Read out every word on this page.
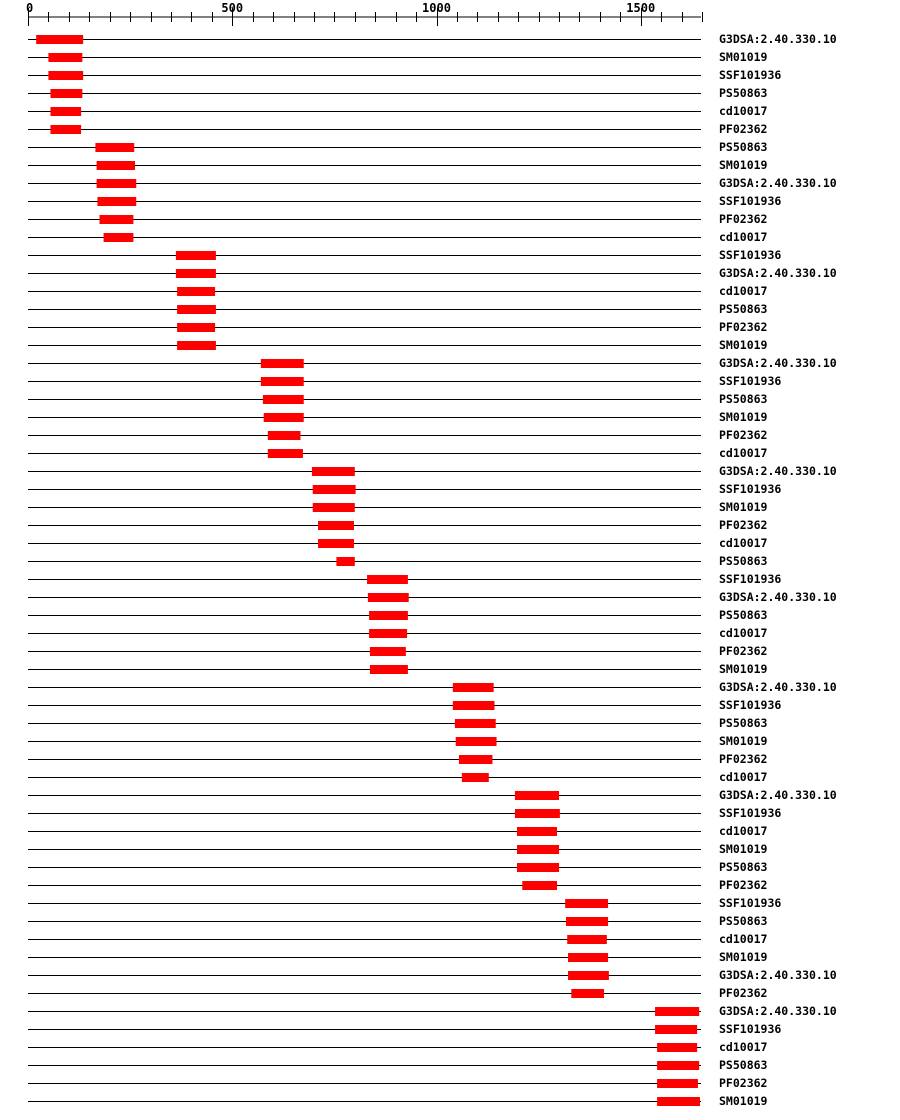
0	500	1000	1500
G3DSA:2.40.330.10
SM01019
SSF101936
PS50863
cd10017
PF02362
PS50863
SM01019
G3DSA:2.40.330.10
SSF101936
PF02362
cd10017
SSF101936
G3DSA:2.40.330.10
cd10017
PS50863
PF02362
SM01019
G3DSA:2.40.330.10
SSF101936
PS50863
SM01019
PF02362
cd10017
G3DSA:2.40.330.10
SSF101936
SM01019
PF02362
cd10017
PS50863
SSF101936
G3DSA:2.40.330.10
PS50863
cd10017
PF02362
SM01019
G3DSA:2.40.330.10
SSF101936
PS50863
SM01019
PF02362
cd10017
G3DSA:2.40.330.10
SSF101936
cd10017
SM01019
PS50863
PF02362
SSF101936
PS50863
cd10017
SM01019
G3DSA:2.40.330.10
PF02362
G3DSA:2.40.330.10
SSF101936
cd10017
PS50863
PF02362
SM01019
